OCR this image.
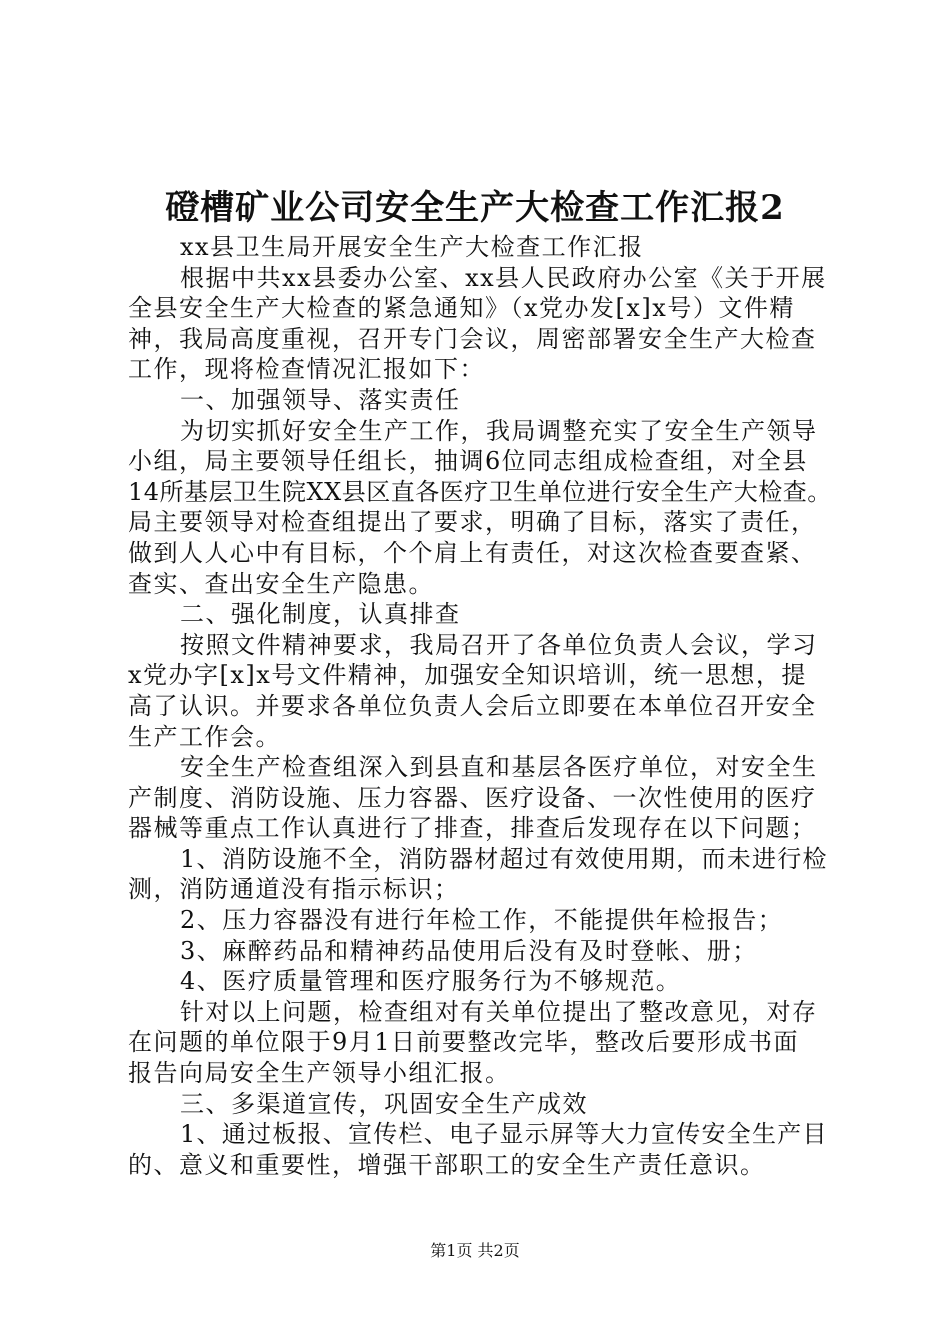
磴槽矿业公司安全生产大检查工作汇报2
xx县卫生局开展安全生产大检查工作汇报
根据中共xx县委办公室、xx县人民政府办公室《关于开展
全县安全生产大检查的紧急通知》（x党办发[x]x号）文件精
神，我局高度重视，召开专门会议，周密部署安全生产大检查
工作，现将检查情况汇报如下：
一、加强领导、落实责任
为切实抓好安全生产工作，我局调整充实了安全生产领导
小组，局主要领导任组长，抽调6位同志组成检查组，对全县
14所基层卫生院XX县区直各医疗卫生单位进行安全生产大检查。
局主要领导对检查组提出了要求，明确了目标，落实了责任，
做到人人心中有目标，个个肩上有责任，对这次检查要查紧、
查实、查出安全生产隐患。
二、强化制度，认真排查
按照文件精神要求，我局召开了各单位负责人会议，学习
x党办字[x]x号文件精神，加强安全知识培训，统一思想，提
高了认识。并要求各单位负责人会后立即要在本单位召开安全
生产工作会。
安全生产检查组深入到县直和基层各医疗单位，对安全生
产制度、消防设施、压力容器、医疗设备、一次性使用的医疗
器械等重点工作认真进行了排查，排查后发现存在以下问题；
1、消防设施不全，消防器材超过有效使用期，而未进行检
测，消防通道没有指示标识；
2、压力容器没有进行年检工作，不能提供年检报告；
3、麻醉药品和精神药品使用后没有及时登帐、册；
4、医疗质量管理和医疗服务行为不够规范。
针对以上问题，检查组对有关单位提出了整改意见，对存
在问题的单位限于9月1日前要整改完毕，整改后要形成书面
报告向局安全生产领导小组汇报。
三、多渠道宣传，巩固安全生产成效
1、通过板报、宣传栏、电子显示屏等大力宣传安全生产目
的、意义和重要性，增强干部职工的安全生产责任意识。
第1页 共2页
